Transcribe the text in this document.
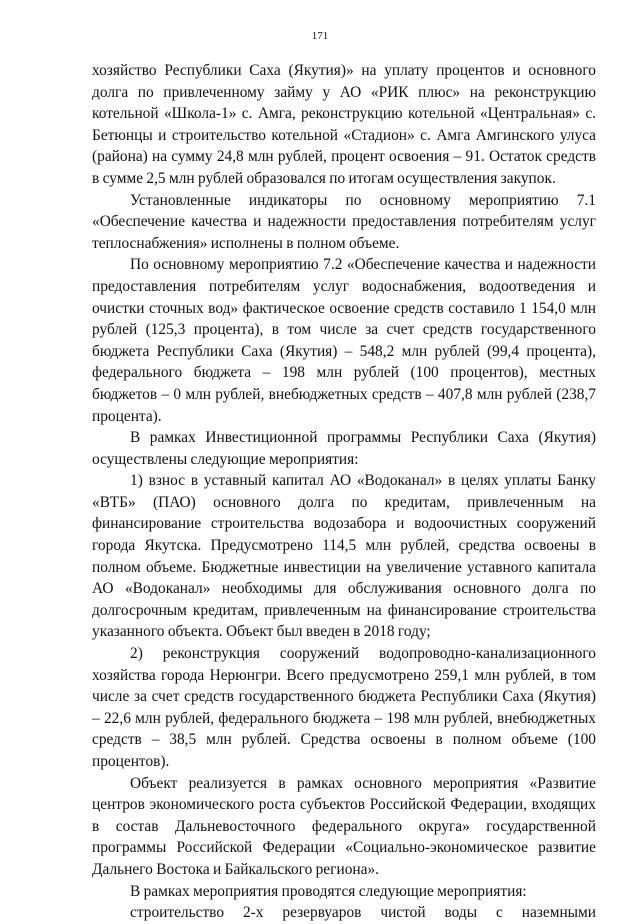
171

хозяйство Республики Саха (Якутия)» на уплату процентов и основного долга по привлеченному займу у АО «РИК плюс» на реконструкцию котельной «Школа-1» с. Амга, реконструкцию котельной «Центральная» с. Бетюнцы и строительство котельной «Стадион» с. Амга Амгинского улуса (района) на сумму 24,8 млн рублей, процент освоения – 91. Остаток средств в сумме 2,5 млн рублей образовался по итогам осуществления закупок.

Установленные индикаторы по основному мероприятию 7.1 «Обеспечение качества и надежности предоставления потребителям услуг теплоснабжения» исполнены в полном объеме.

По основному мероприятию 7.2 «Обеспечение качества и надежности предоставления потребителям услуг водоснабжения, водоотведения и очистки сточных вод» фактическое освоение средств составило 1 154,0 млн рублей (125,3 процента), в том числе за счет средств государственного бюджета Республики Саха (Якутия) – 548,2 млн рублей (99,4 процента), федерального бюджета – 198 млн рублей (100 процентов), местных бюджетов – 0 млн рублей, внебюджетных средств – 407,8 млн рублей (238,7 процента).

В рамках Инвестиционной программы Республики Саха (Якутия) осуществлены следующие мероприятия:

1) взнос в уставный капитал АО «Водоканал» в целях уплаты Банку «ВТБ» (ПАО) основного долга по кредитам, привлеченным на финансирование строительства водозабора и водоочистных сооружений города Якутска. Предусмотрено 114,5 млн рублей, средства освоены в полном объеме. Бюджетные инвестиции на увеличение уставного капитала АО «Водоканал» необходимы для обслуживания основного долга по долгосрочным кредитам, привлеченным на финансирование строительства указанного объекта. Объект был введен в 2018 году;

2) реконструкция сооружений водопроводно-канализационного хозяйства города Нерюнгри. Всего предусмотрено 259,1 млн рублей, в том числе за счет средств государственного бюджета Республики Саха (Якутия) – 22,6 млн рублей, федерального бюджета – 198 млн рублей, внебюджетных средств – 38,5 млн рублей. Средства освоены в полном объеме (100 процентов).

Объект реализуется в рамках основного мероприятия «Развитие центров экономического роста субъектов Российской Федерации, входящих в состав Дальневосточного федерального округа» государственной программы Российской Федерации «Социально-экономическое развитие Дальнего Востока и Байкальского региона».

В рамках мероприятия проводятся следующие мероприятия:

строительство 2-х резервуаров чистой воды с наземными
